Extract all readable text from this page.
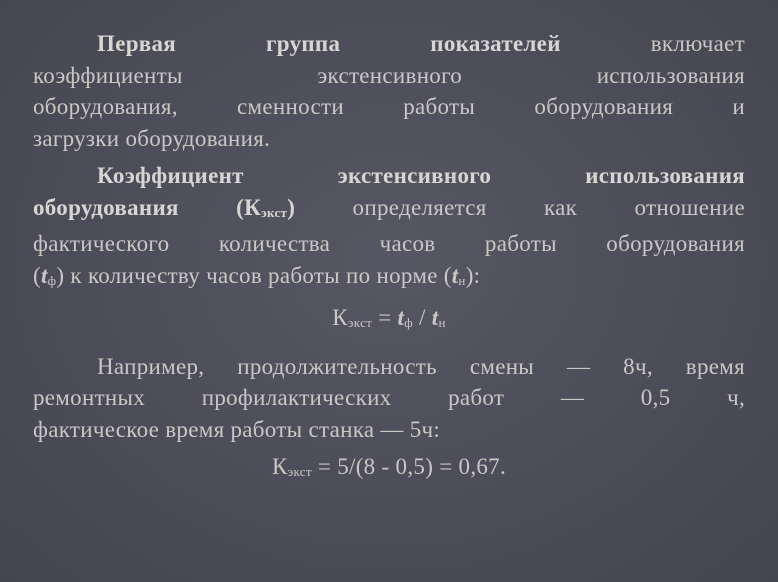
Первая группа показателей включает
коэффициенты экстенсивного использования
оборудования, сменности работы оборудования и
загрузки оборудования.
Коэффициент экстенсивного использования
оборудования $(К_{экст})$ определяется как отношение
фактического количества часов работы оборудования
$(t_ф)$ к количеству часов работы по норме $(t_н)$:
$К_{экст} = t_ф / t_н$
Например, продолжительность смены — 8ч, время
ремонтных профилактических работ — 0,5 ч,
фактическое время работы станка — 5ч:
$К_{экст} = 5/(8 - 0,5) = 0,67$.
